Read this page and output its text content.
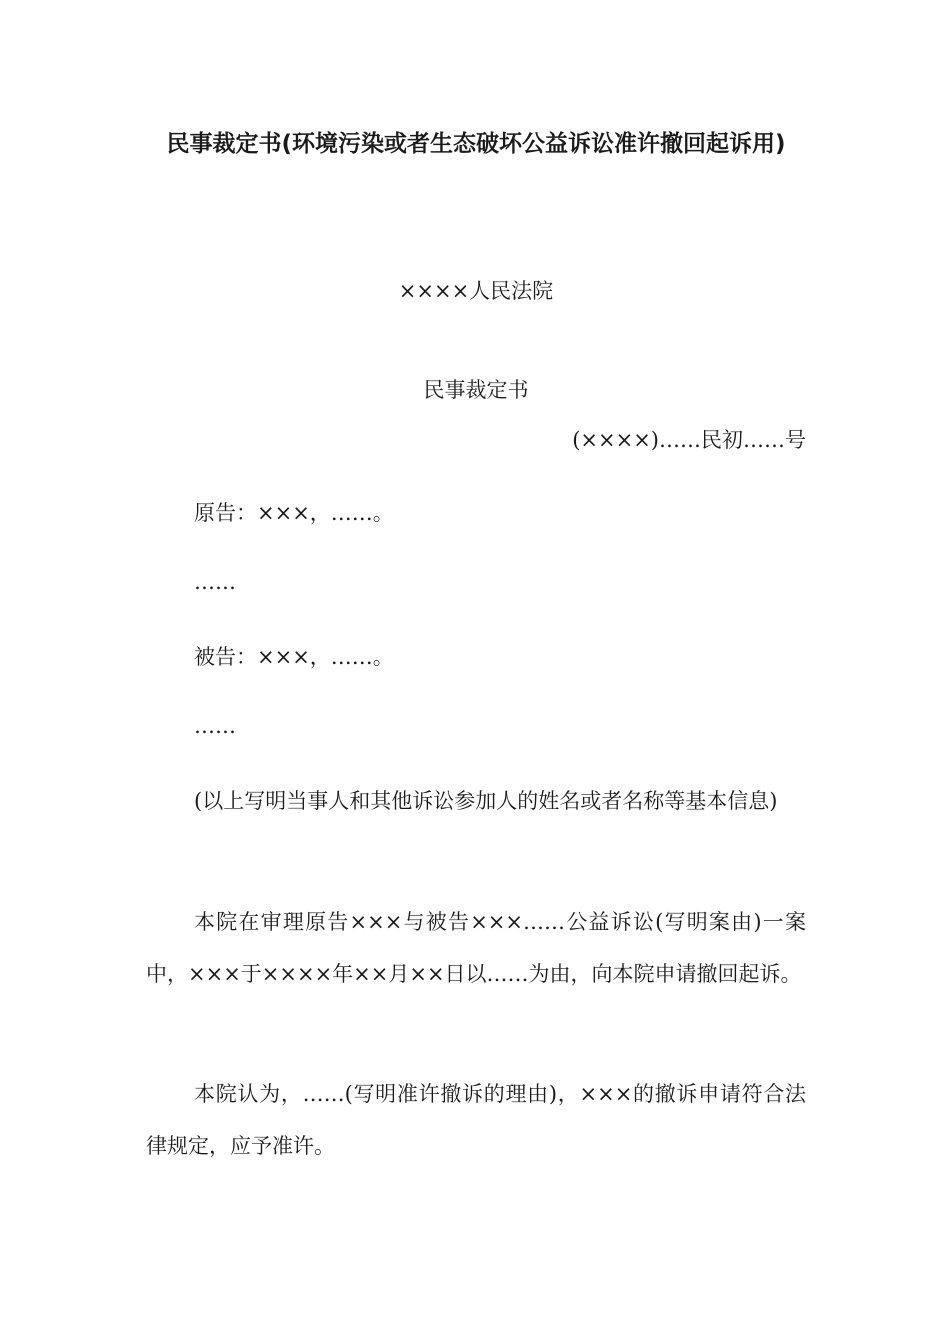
民事裁定书(环境污染或者生态破坏公益诉讼准许撤回起诉用)
××××人民法院
民事裁定书
(××××)……民初……号
原告：×××，……。
……
被告：×××，……。
……

(以上写明当事人和其他诉讼参加人的姓名或者名称等基本信息)

本院在审理原告×××与被告×××……公益诉讼(写明案由)一案中，×××于××××年××月××日以……为由，向本院申请撤回起诉。

本院认为，……(写明准许撤诉的理由)，×××的撤诉申请符合法律规定，应予准许。
